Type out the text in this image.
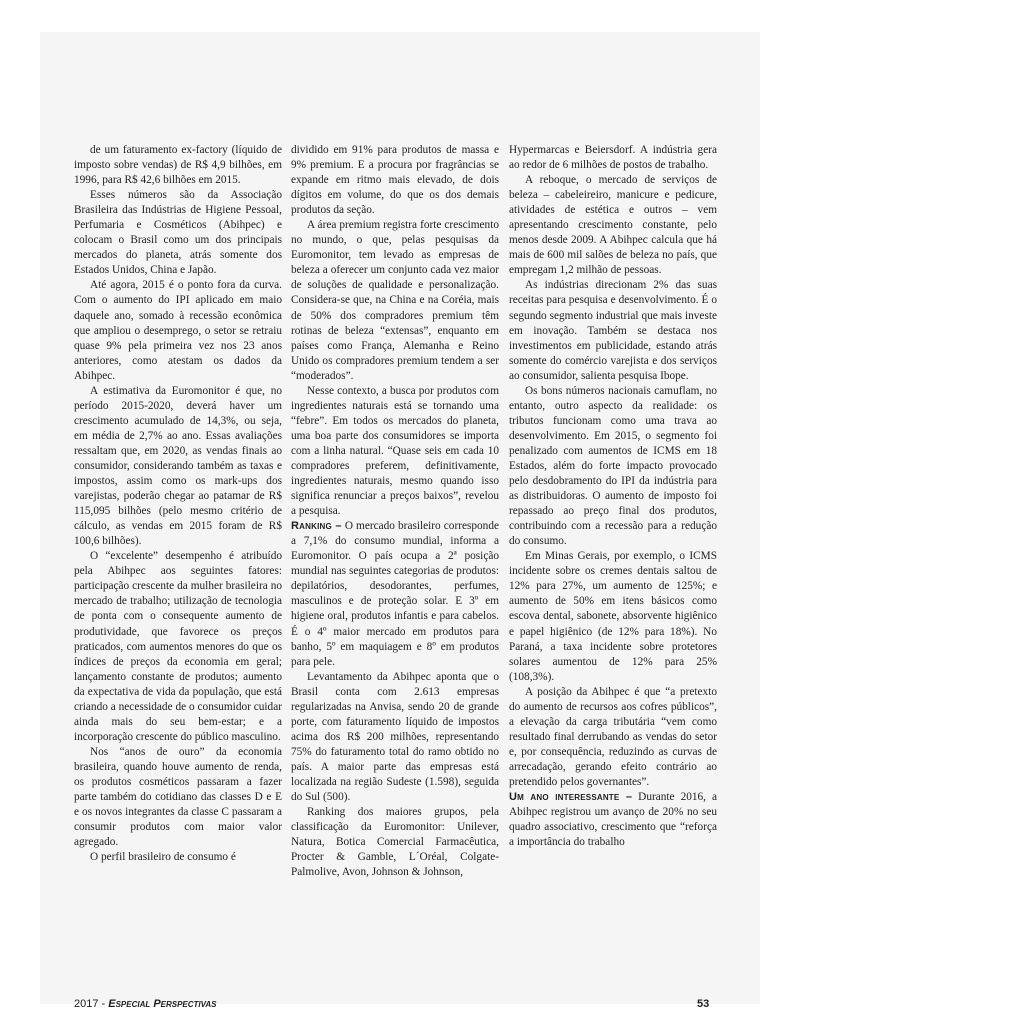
de um faturamento ex-factory (líquido de imposto sobre vendas) de R$ 4,9 bilhões, em 1996, para R$ 42,6 bilhões em 2015.

Esses números são da Associação Brasileira das Indústrias de Higiene Pessoal, Perfumaria e Cosméticos (Abihpec) e colocam o Brasil como um dos principais mercados do planeta, atrás somente dos Estados Unidos, China e Japão.

Até agora, 2015 é o ponto fora da curva. Com o aumento do IPI aplicado em maio daquele ano, somado à recessão econômica que ampliou o desemprego, o setor se retraiu quase 9% pela primeira vez nos 23 anos anteriores, como atestam os dados da Abihpec.

A estimativa da Euromonitor é que, no período 2015-2020, deverá haver um crescimento acumulado de 14,3%, ou seja, em média de 2,7% ao ano. Essas avaliações ressaltam que, em 2020, as vendas finais ao consumidor, considerando também as taxas e impostos, assim como os mark-ups dos varejistas, poderão chegar ao patamar de R$ 115,095 bilhões (pelo mesmo critério de cálculo, as vendas em 2015 foram de R$ 100,6 bilhões).

O “excelente” desempenho é atribuído pela Abihpec aos seguintes fatores: participação crescente da mulher brasileira no mercado de trabalho; utilização de tecnologia de ponta com o consequente aumento de produtividade, que favorece os preços praticados, com aumentos menores do que os índices de preços da economia em geral; lançamento constante de produtos; aumento da expectativa de vida da população, que está criando a necessidade de o consumidor cuidar ainda mais do seu bem-estar; e a incorporação crescente do público masculino.

Nos “anos de ouro” da economia brasileira, quando houve aumento de renda, os produtos cosméticos passaram a fazer parte também do cotidiano das classes D e E e os novos integrantes da classe C passaram a consumir produtos com maior valor agregado.

O perfil brasileiro de consumo é

dividido em 91% para produtos de massa e 9% premium. E a procura por fragrâncias se expande em ritmo mais elevado, de dois dígitos em volume, do que os dos demais produtos da seção.

A área premium registra forte crescimento no mundo, o que, pelas pesquisas da Euromonitor, tem levado as empresas de beleza a oferecer um conjunto cada vez maior de soluções de qualidade e personalização. Considera-se que, na China e na Coréia, mais de 50% dos compradores premium têm rotinas de beleza “extensas”, enquanto em países como França, Alemanha e Reino Unido os compradores premium tendem a ser “moderados”.

Nesse contexto, a busca por produtos com ingredientes naturais está se tornando uma “febre”. Em todos os mercados do planeta, uma boa parte dos consumidores se importa com a linha natural. “Quase seis em cada 10 compradores preferem, definitivamente, ingredientes naturais, mesmo quando isso significa renunciar a preços baixos”, revelou a pesquisa.

Ranking – O mercado brasileiro corresponde a 7,1% do consumo mundial, informa a Euromonitor. O país ocupa a 2ª posição mundial nas seguintes categorias de produtos: depilatórios, desodorantes, perfumes, masculinos e de proteção solar. E 3º em higiene oral, produtos infantis e para cabelos. É o 4º maior mercado em produtos para banho, 5º em maquiagem e 8º em produtos para pele.

Levantamento da Abihpec aponta que o Brasil conta com 2.613 empresas regularizadas na Anvisa, sendo 20 de grande porte, com faturamento líquido de impostos acima dos R$ 200 milhões, representando 75% do faturamento total do ramo obtido no país. A maior parte das empresas está localizada na região Sudeste (1.598), seguida do Sul (500).

Ranking dos maiores grupos, pela classificação da Euromonitor: Unilever, Natura, Botica Comercial Farmacêutica, Procter & Gamble, L´Oréal, Colgate-Palmolive, Avon, Johnson & Johnson,

Hypermarcas e Beiersdorf. A indústria gera ao redor de 6 milhões de postos de trabalho.

A reboque, o mercado de serviços de beleza – cabeleireiro, manicure e pedicure, atividades de estética e outros – vem apresentando crescimento constante, pelo menos desde 2009. A Abihpec calcula que há mais de 600 mil salões de beleza no país, que empregam 1,2 milhão de pessoas.

As indústrias direcionam 2% das suas receitas para pesquisa e desenvolvimento. É o segundo segmento industrial que mais investe em inovação. Também se destaca nos investimentos em publicidade, estando atrás somente do comércio varejista e dos serviços ao consumidor, salienta pesquisa Ibope.

Os bons números nacionais camuflam, no entanto, outro aspecto da realidade: os tributos funcionam como uma trava ao desenvolvimento. Em 2015, o segmento foi penalizado com aumentos de ICMS em 18 Estados, além do forte impacto provocado pelo desdobramento do IPI da indústria para as distribuidoras. O aumento de imposto foi repassado ao preço final dos produtos, contribuindo com a recessão para a redução do consumo.

Em Minas Gerais, por exemplo, o ICMS incidente sobre os cremes dentais saltou de 12% para 27%, um aumento de 125%; e aumento de 50% em itens básicos como escova dental, sabonete, absorvente higiênico e papel higiênico (de 12% para 18%). No Paraná, a taxa incidente sobre protetores solares aumentou de 12% para 25% (108,3%).

A posição da Abihpec é que “a pretexto do aumento de recursos aos cofres públicos”, a elevação da carga tributária “vem como resultado final derrubando as vendas do setor e, por consequência, reduzindo as curvas de arrecadação, gerando efeito contrário ao pretendido pelos governantes”.

Um ano interessante – Durante 2016, a Abihpec registrou um avanço de 20% no seu quadro associativo, crescimento que “reforça a importância do trabalho

2017 - Especial Perspectivas	53
